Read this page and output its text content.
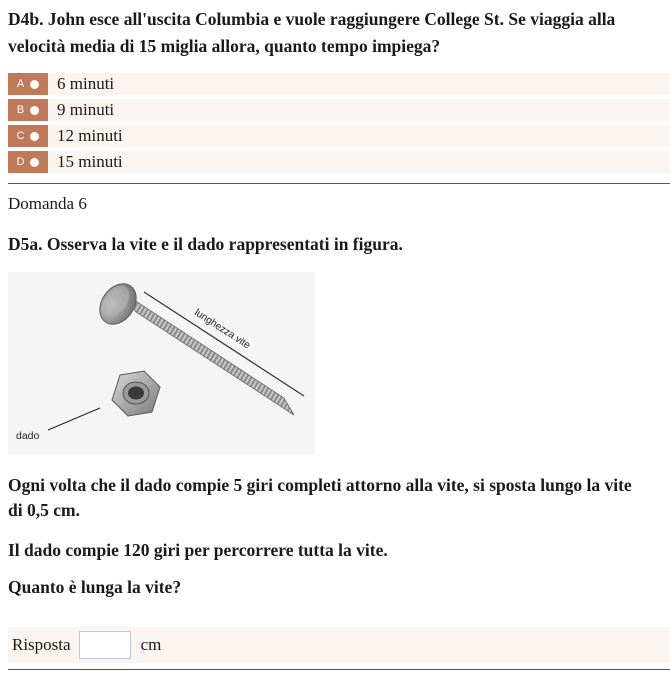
D4b. John esce all'uscita Columbia e vuole raggiungere College St. Se viaggia alla
velocità media di 15 miglia allora, quanto tempo impiega?
A 6 minuti
B 9 minuti
C 12 minuti
D 15 minuti
Domanda 6
D5a. Osserva la vite e il dado rappresentati in figura.
lunghezza vite
dado
Ogni volta che il dado compie 5 giri completi attorno alla vite, si sposta lungo la vite
di 0,5 cm.
Il dado compie 120 giri per percorrere tutta la vite.
Quanto è lunga la vite?
Risposta	cm
